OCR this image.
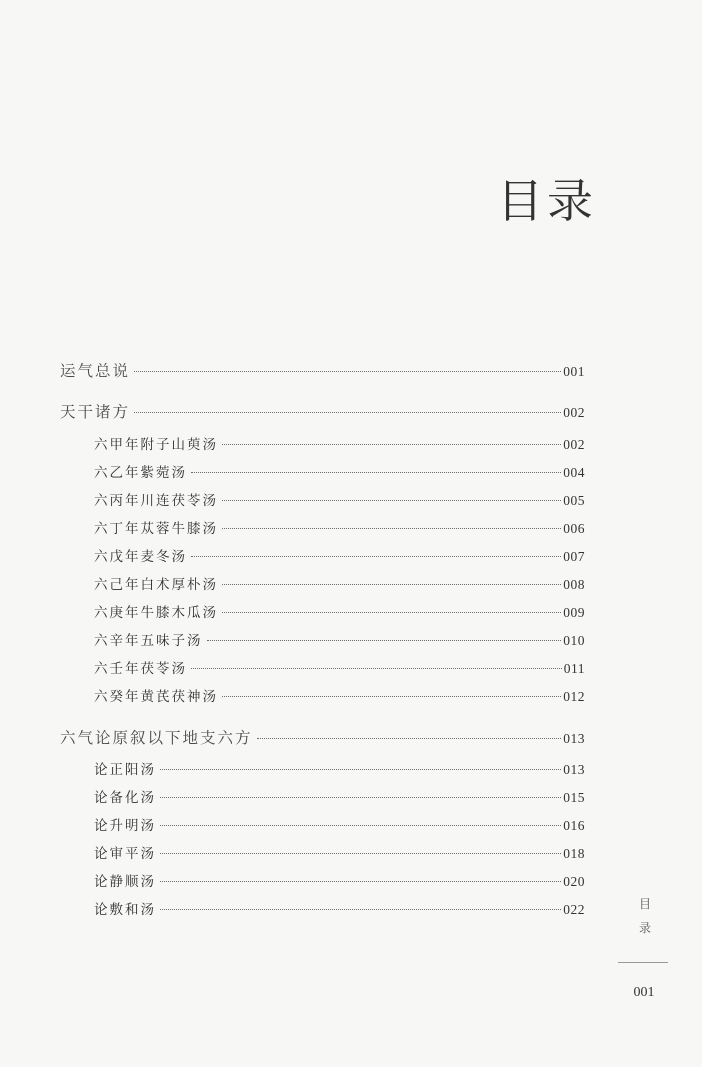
目录
运气总说	001
天干诸方	002
六甲年附子山萸汤	002
六乙年紫菀汤	004
六丙年川连茯苓汤	005
六丁年苁蓉牛膝汤	006
六戊年麦冬汤	007
六己年白术厚朴汤	008
六庚年牛膝木瓜汤	009
六辛年五味子汤	010
六壬年茯苓汤	011
六癸年黄芪茯神汤	012
六气论原叙以下地支六方	013
论正阳汤	013
论备化汤	015
论升明汤	016
论审平汤	018
论静顺汤	020
论敷和汤	022	目
录
001
